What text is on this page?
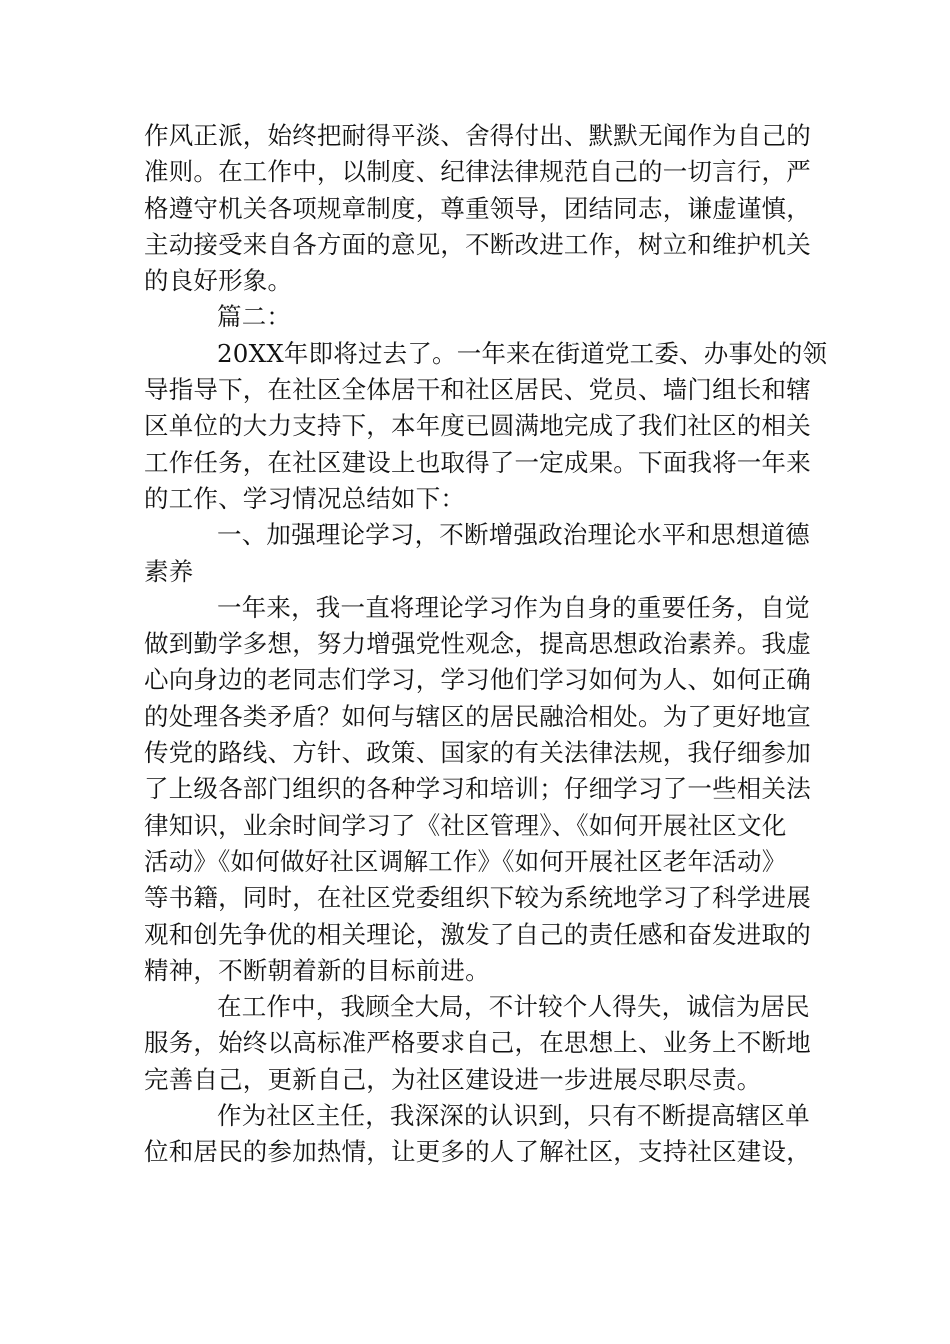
作风正派，始终把耐得平淡、舍得付出、默默无闻作为自己的
准则。在工作中，以制度、纪律法律规范自己的一切言行，严
格遵守机关各项规章制度，尊重领导，团结同志，谦虚谨慎，
主动接受来自各方面的意见，不断改进工作，树立和维护机关
的良好形象。
篇二：
20XX年即将过去了。一年来在街道党工委、办事处的领
导指导下，在社区全体居干和社区居民、党员、墙门组长和辖
区单位的大力支持下，本年度已圆满地完成了我们社区的相关
工作任务，在社区建设上也取得了一定成果。下面我将一年来
的工作、学习情况总结如下：
一、加强理论学习，不断增强政治理论水平和思想道德
素养
一年来，我一直将理论学习作为自身的重要任务，自觉
做到勤学多想，努力增强党性观念，提高思想政治素养。我虚
心向身边的老同志们学习，学习他们学习如何为人、如何正确
的处理各类矛盾？如何与辖区的居民融洽相处。为了更好地宣
传党的路线、方针、政策、国家的有关法律法规，我仔细参加
了上级各部门组织的各种学习和培训；仔细学习了一些相关法
律知识，业余时间学习了《社区管理》、《如何开展社区文化
活动》《如何做好社区调解工作》《如何开展社区老年活动》
等书籍，同时，在社区党委组织下较为系统地学习了科学进展
观和创先争优的相关理论，激发了自己的责任感和奋发进取的
精神，不断朝着新的目标前进。
在工作中，我顾全大局，不计较个人得失，诚信为居民
服务，始终以高标准严格要求自己，在思想上、业务上不断地
完善自己，更新自己，为社区建设进一步进展尽职尽责。
作为社区主任，我深深的认识到，只有不断提高辖区单
位和居民的参加热情，让更多的人了解社区，支持社区建设，
